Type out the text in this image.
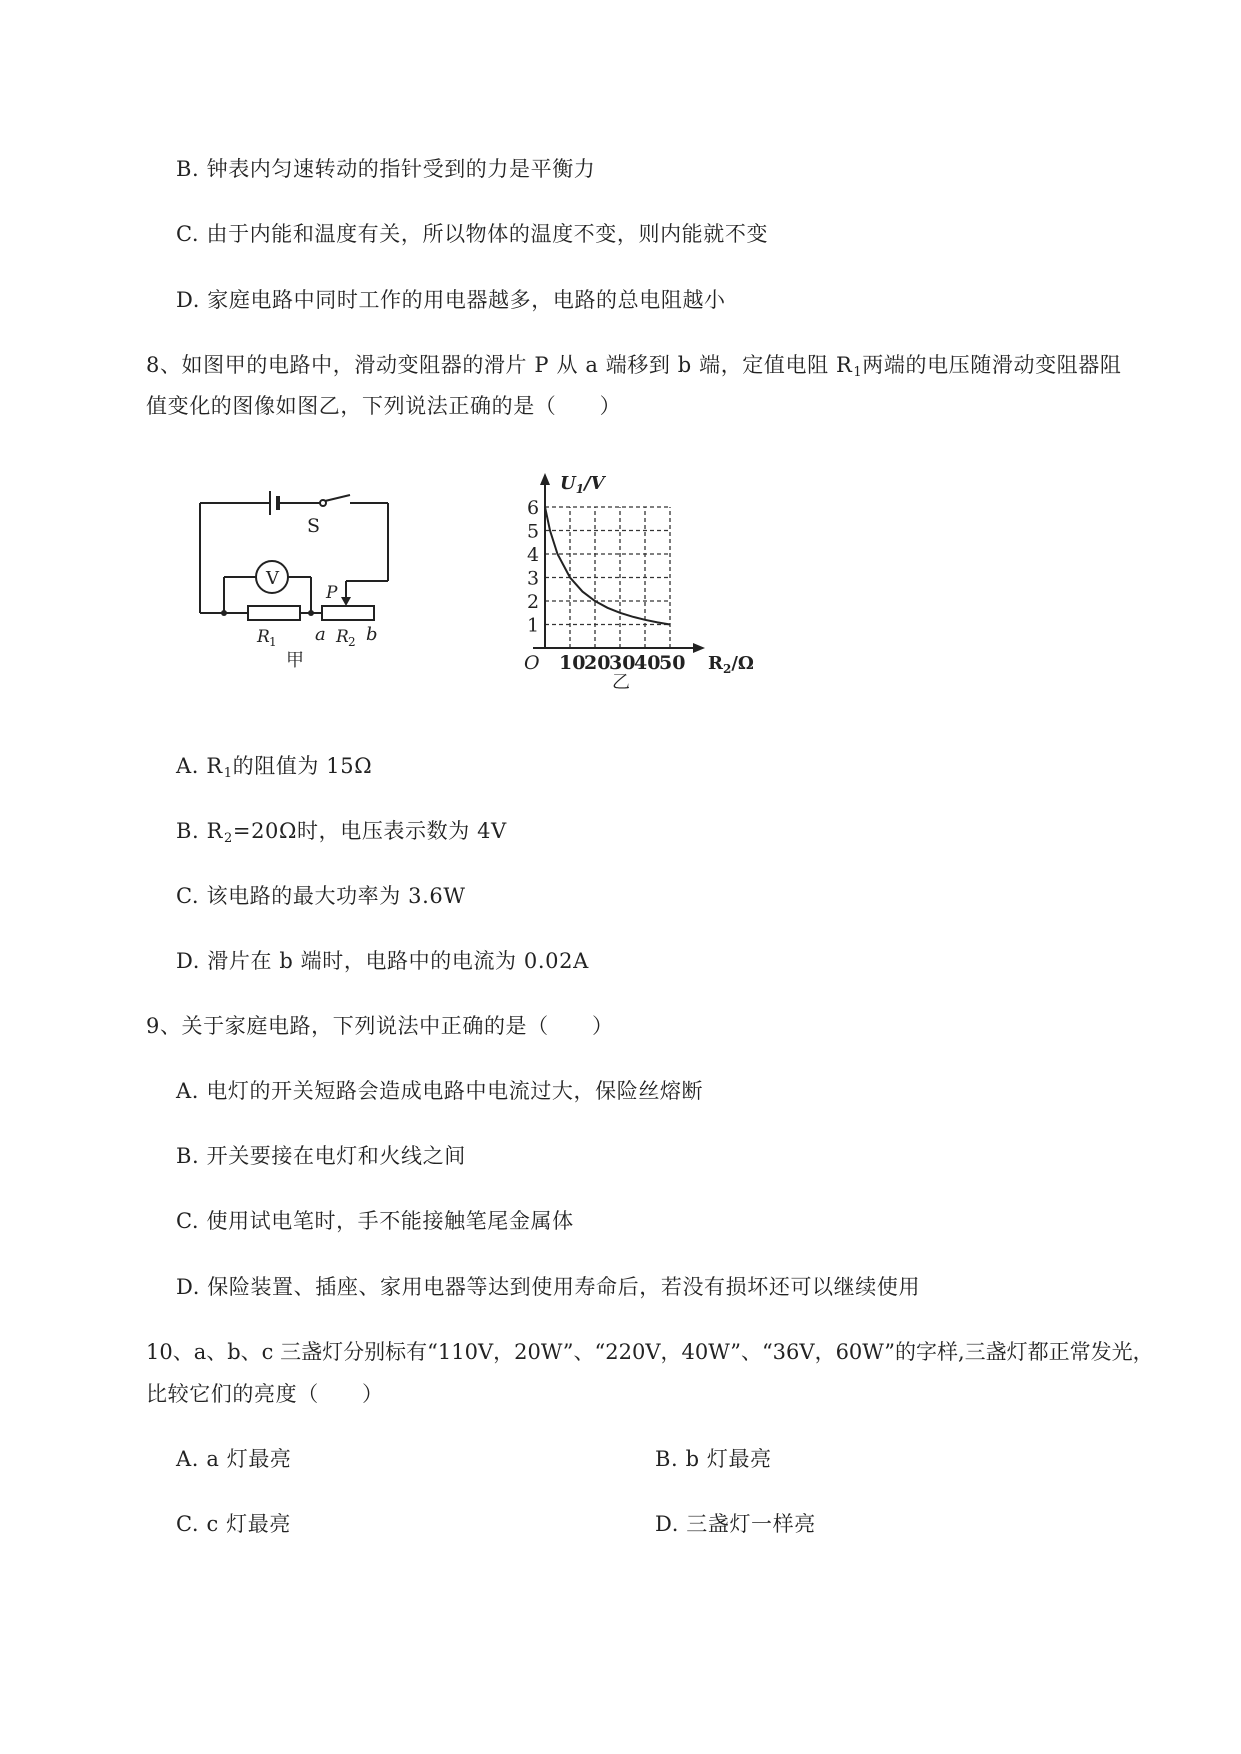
B. 钟表内匀速转动的指针受到的力是平衡力
C. 由于内能和温度有关，所以物体的温度不变，则内能就不变
D. 家庭电路中同时工作的用电器越多，电路的总电阻越小
8、如图甲的电路中，滑动变阻器的滑片 P 从 a 端移到 b 端，定值电阻 $R_1$两端的电压随滑动变阻器阻
值变化的图像如图乙，下列说法正确的是（　　）
S
V
P
R 1 a R 2 b
甲
1
2
3
4
5
6
10
20
30
40
50
$U_1/V$
O	$R_2/\Omega$
乙
A. $R_1$的阻值为 15Ω
B. $R_2=20\Omega$时，电压表示数为 4V
C. 该电路的最大功率为 3.6W
D. 滑片在 b 端时，电路中的电流为 0.02A
9、关于家庭电路，下列说法中正确的是（　　）
A. 电灯的开关短路会造成电路中电流过大，保险丝熔断
B. 开关要接在电灯和火线之间
C. 使用试电笔时，手不能接触笔尾金属体
D. 保险装置、插座、家用电器等达到使用寿命后，若没有损坏还可以继续使用
10、a、b、c 三盏灯分别标有“110V，20W”、“220V，40W”、“36V，60W”的字样,三盏灯都正常发光，
比较它们的亮度（　　）
A. a 灯最亮	B. b 灯最亮
C. c 灯最亮	D. 三盏灯一样亮
